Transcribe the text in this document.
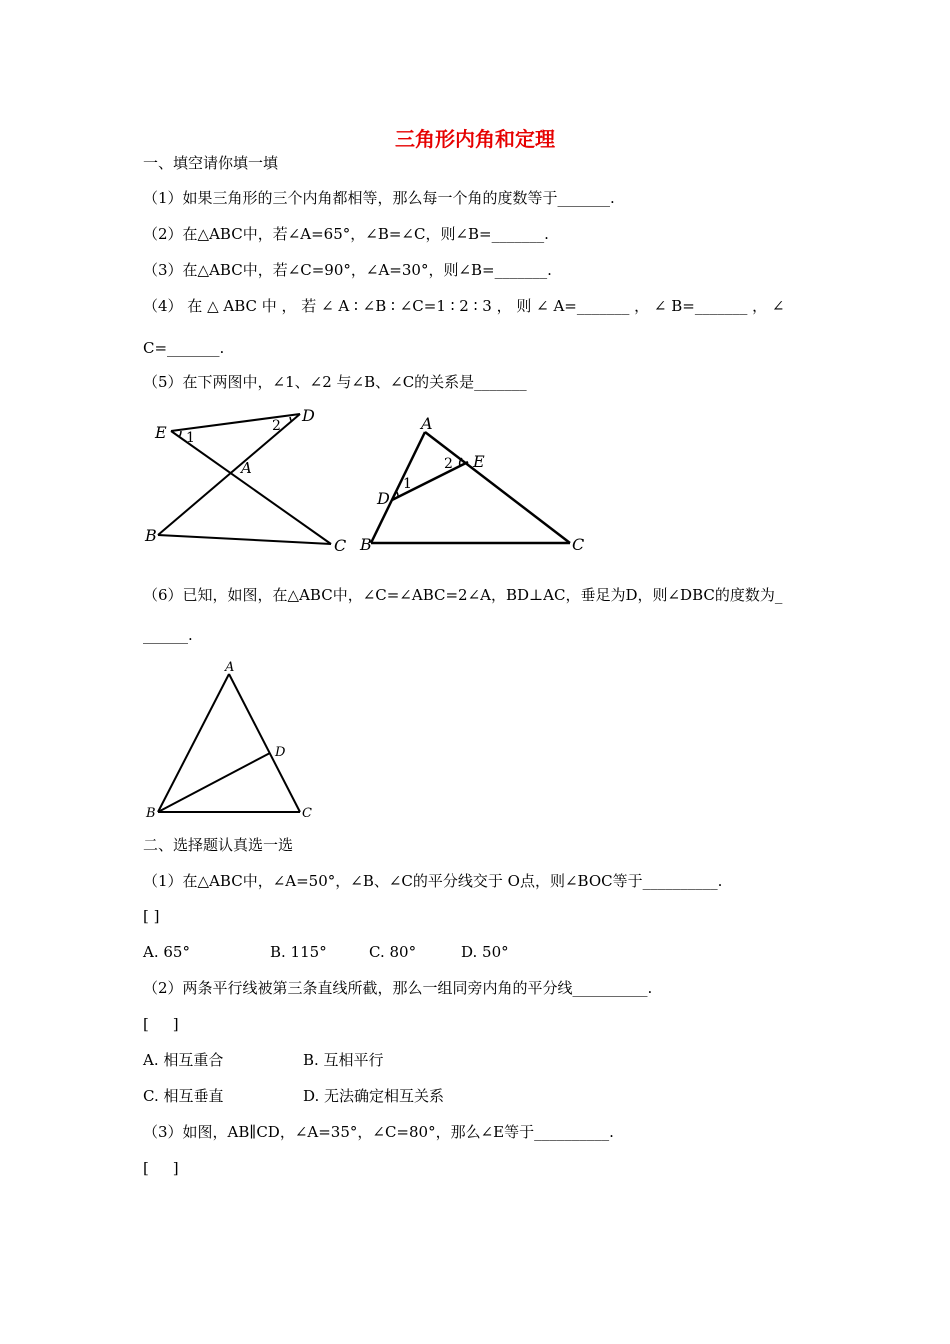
三角形内角和定理
一、填空请你填一填
（1）如果三角形的三个内角都相等，那么每一个角的度数等于_______.
（2）在△ABC中，若∠A=65°，∠B=∠C，则∠B=_______.
（3）在△ABC中，若∠C=90°，∠A=30°，则∠B=_______.
（4） 在 △ ABC 中 ， 若 ∠ A ∶ ∠B ∶ ∠C=1 ∶ 2 ∶ 3 ， 则 ∠ A=_______ ， ∠ B=_______ ， ∠
C=_______.
（5）在下两图中，∠1、∠2 与∠B、∠C的关系是_______
E
D
A
B
C
1
2	A
E
D
B	C
1
2
A
D
B	C
（6）已知，如图，在△ABC中，∠C=∠ABC=2∠A，BD⊥AC，垂足为D，则∠DBC的度数为_
______.
二、选择题认真选一选
（1）在△ABC中，∠A=50°，∠B、∠C的平分线交于 O点，则∠BOC等于__________.
[ ]
A. 65°	B. 115°	C. 80°	D. 50°
（2）两条平行线被第三条直线所截，那么一组同旁内角的平分线__________.
[     ]
A. 相互重合	B. 互相平行
C. 相互垂直	D. 无法确定相互关系
（3）如图，AB∥CD，∠A=35°，∠C=80°，那么∠E等于__________.
[     ]
